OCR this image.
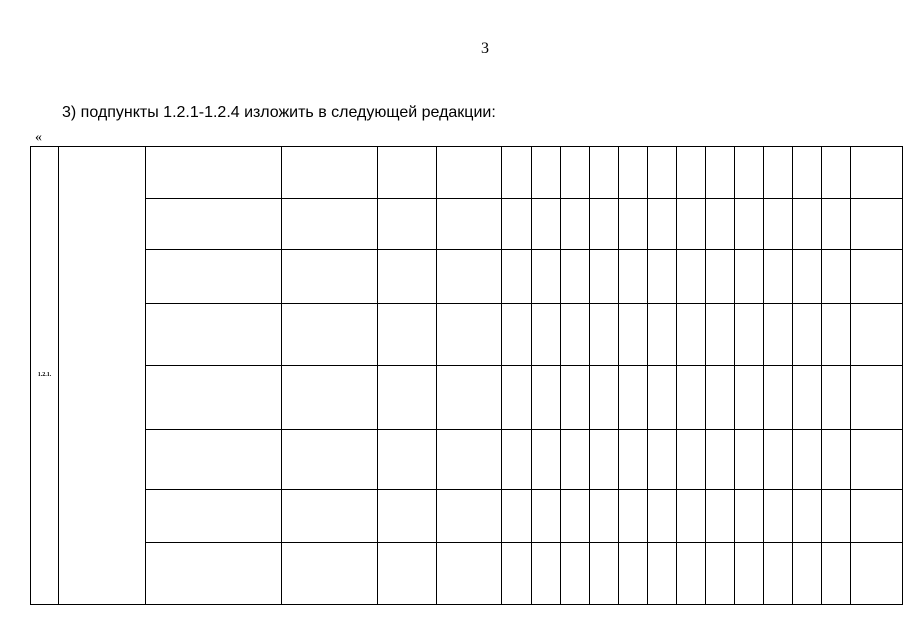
3
3) подпункты 1.2.1-1.2.4 изложить в следующей редакции:
«
1.2.1.																		
